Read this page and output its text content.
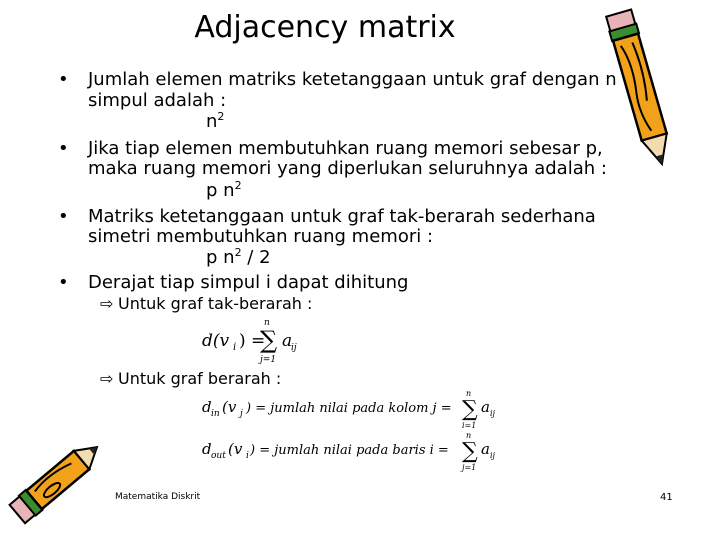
Adjacency matrix
• Jumlah elemen matriks ketetanggaan untuk graf dengan n
simpul adalah :
$n^2$
• Jika tiap elemen membutuhkan ruang memori sebesar p,
maka ruang memori yang diperlukan seluruhnya adalah :
p $n^2$
• Matriks ketetanggaan untuk graf tak-berarah sederhana
simetri membutuhkan ruang memori :
p $n^2 / 2$
• Derajat tiap simpul i dapat dihitung
⇨ Untuk graf tak-berarah :
⇨ Untuk graf berarah :
d(v i ) =
n
∑
j=1
a
ij
d in (v j ) = jumlah nilai pada kolom j =
n
∑
i=1
a ij
d out (v i ) = jumlah nilai pada baris i =
n
∑
j=1
a ij
Matematika Diskrit	41
